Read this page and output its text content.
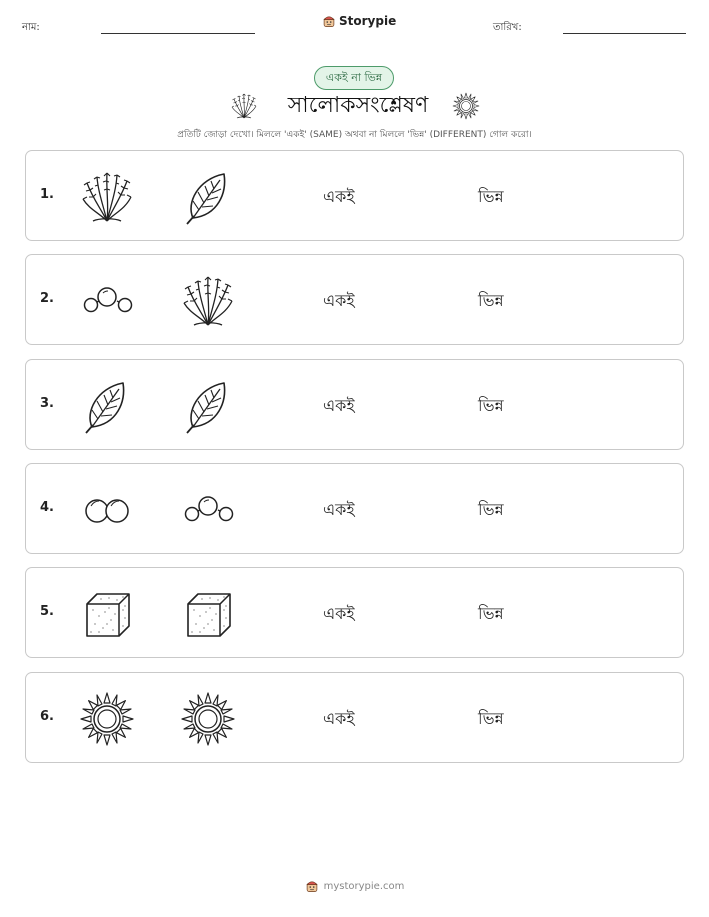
নাম:	Storypie	তারিখ:
একই না ভিন্ন
সালোকসংশ্লেষণ
প্রতিটি জোড়া দেখো। মিললে 'একই' (SAME) অথবা না মিললে 'ভিন্ন' (DIFFERENT) গোল করো।
1.	একই	ভিন্ন
2.	একই	ভিন্ন
3.	একই	ভিন্ন
4.	একই	ভিন্ন
5.	একই	ভিন্ন
6.	একই	ভিন্ন
mystorypie.com
